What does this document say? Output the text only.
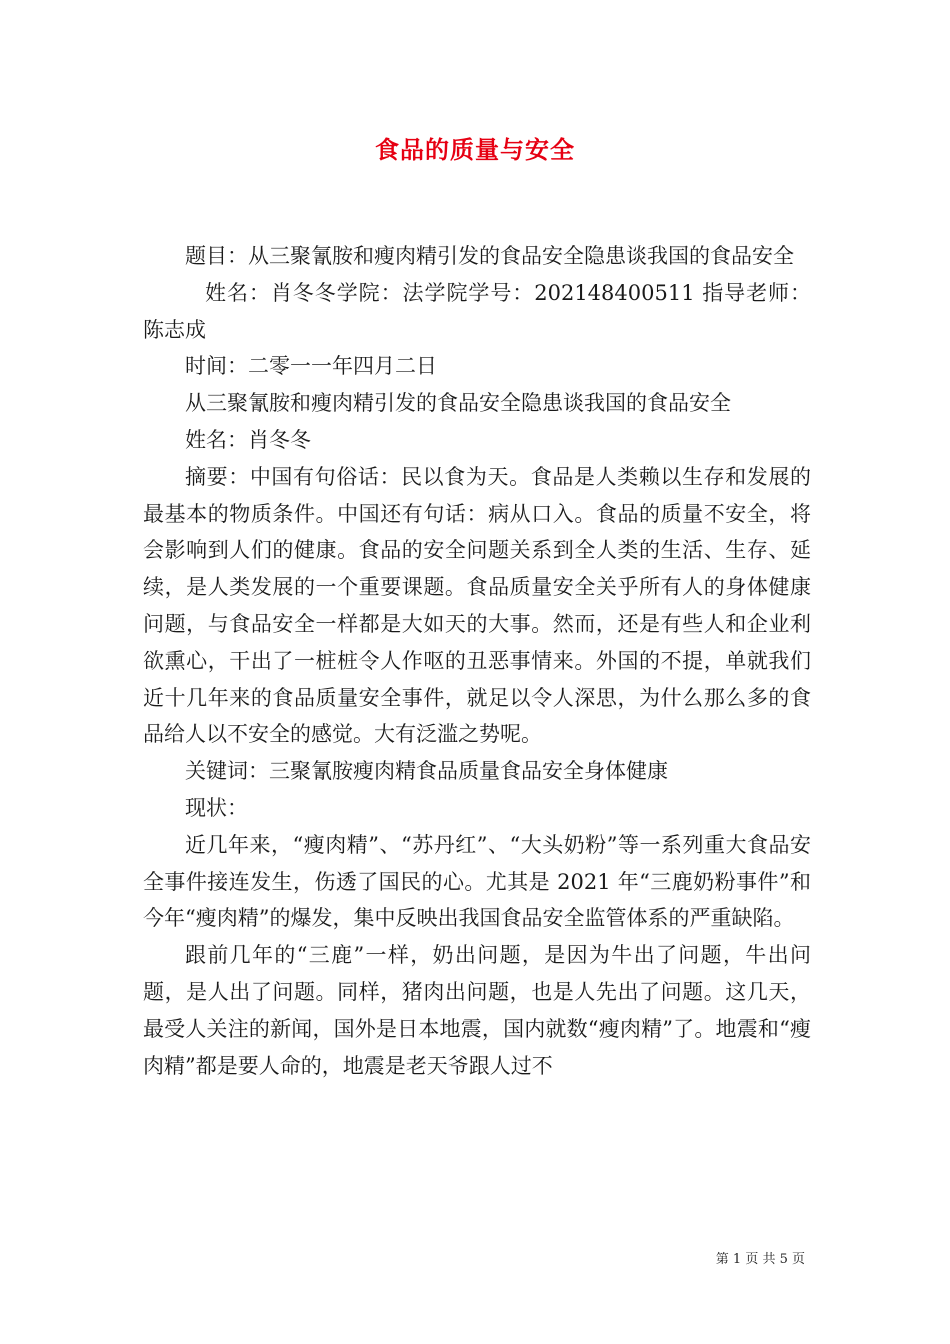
食品的质量与安全

题目：从三聚氰胺和瘦肉精引发的食品安全隐患谈我国的食品安全

姓名：肖冬冬学院：法学院学号：202148400511 指导老师：陈志成

时间：二零一一年四月二日

从三聚氰胺和瘦肉精引发的食品安全隐患谈我国的食品安全

姓名：肖冬冬

摘要：中国有句俗话：民以食为天。食品是人类赖以生存和发展的最基本的物质条件。中国还有句话：病从口入。食品的质量不安全，将会影响到人们的健康。食品的安全问题关系到全人类的生活、生存、延续，是人类发展的一个重要课题。食品质量安全关乎所有人的身体健康问题，与食品安全一样都是大如天的大事。然而，还是有些人和企业利欲熏心，干出了一桩桩令人作呕的丑恶事情来。外国的不提，单就我们近十几年来的食品质量安全事件，就足以令人深思，为什么那么多的食品给人以不安全的感觉。大有泛滥之势呢。

关键词：三聚氰胺瘦肉精食品质量食品安全身体健康

现状：

近几年来，“瘦肉精”、“苏丹红”、“大头奶粉”等一系列重大食品安全事件接连发生，伤透了国民的心。尤其是 2021 年“三鹿奶粉事件”和今年“瘦肉精”的爆发，集中反映出我国食品安全监管体系的严重缺陷。

跟前几年的“三鹿”一样，奶出问题，是因为牛出了问题，牛出问题，是人出了问题。同样，猪肉出问题，也是人先出了问题。这几天，最受人关注的新闻，国外是日本地震，国内就数“瘦肉精”了。地震和“瘦肉精”都是要人命的，地震是老天爷跟人过不

第 1 页 共 5 页
